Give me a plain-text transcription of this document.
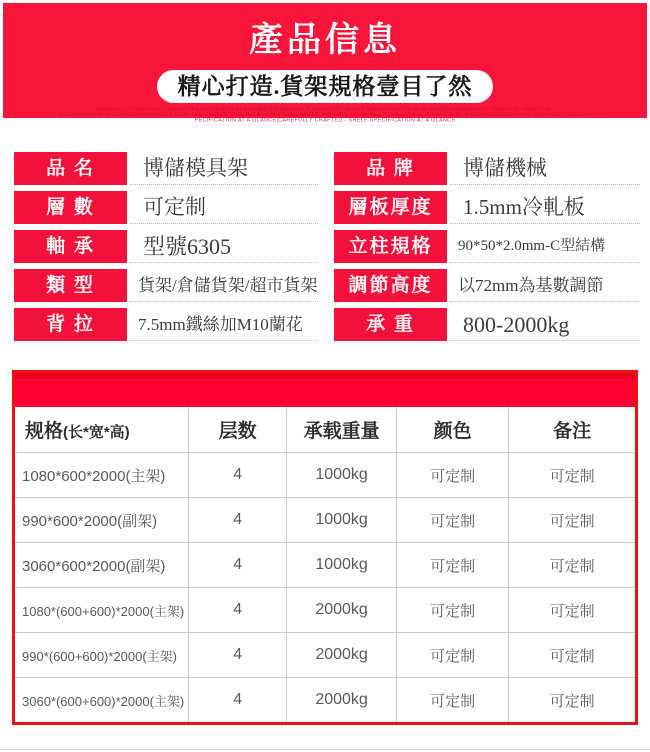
產品信息
精心打造.貨架規格壹目了然
CAREFULLY CRAFTED - SHELF SPECIFICATION AT A GLANCE|CAREFULLY CRAFTED - SHELF SPECIFICATION AT A GLANCE|CAREFULLY CRAFTED - SHELF SP
ECIFICATION AT A GLANCE|CAREFULLY CRAFTED - SHELF SPECIFICATION AT A GLANCE|CAREFULLY CRAFTED - SHELF SPECIFICATION AT A GLANCE|CAREFULLY CRAFTED - SHELF S
PECIFICATION AT A GLANCE|CAREFULLY CRAFTED - SHELF SPECIFICATION AT A GLANCE
品 名	博儲模具架
層 數	可定制
軸 承	型號6305
類 型	貨架/倉儲貨架/超市貨架
背 拉	7.5mm鐵絲加M10蘭花
品 牌	博儲機械
層板厚度	1.5mm冷軋板
立柱規格	90*50*2.0mm-C型結構
調節高度	以72mm為基數調節
承 重	800-2000kg
规格(长*宽*高)	层数	承载重量	颜色	备注
1080*600*2000(主架)	4	1000kg	可定制	可定制
990*600*2000(副架)	4	1000kg	可定制	可定制
3060*600*2000(副架)	4	1000kg	可定制	可定制
1080*(600+600)*2000(主架)	4	2000kg	可定制	可定制
990*(600+600)*2000(主架)	4	2000kg	可定制	可定制
3060*(600+600)*2000(主架)	4	2000kg	可定制	可定制
